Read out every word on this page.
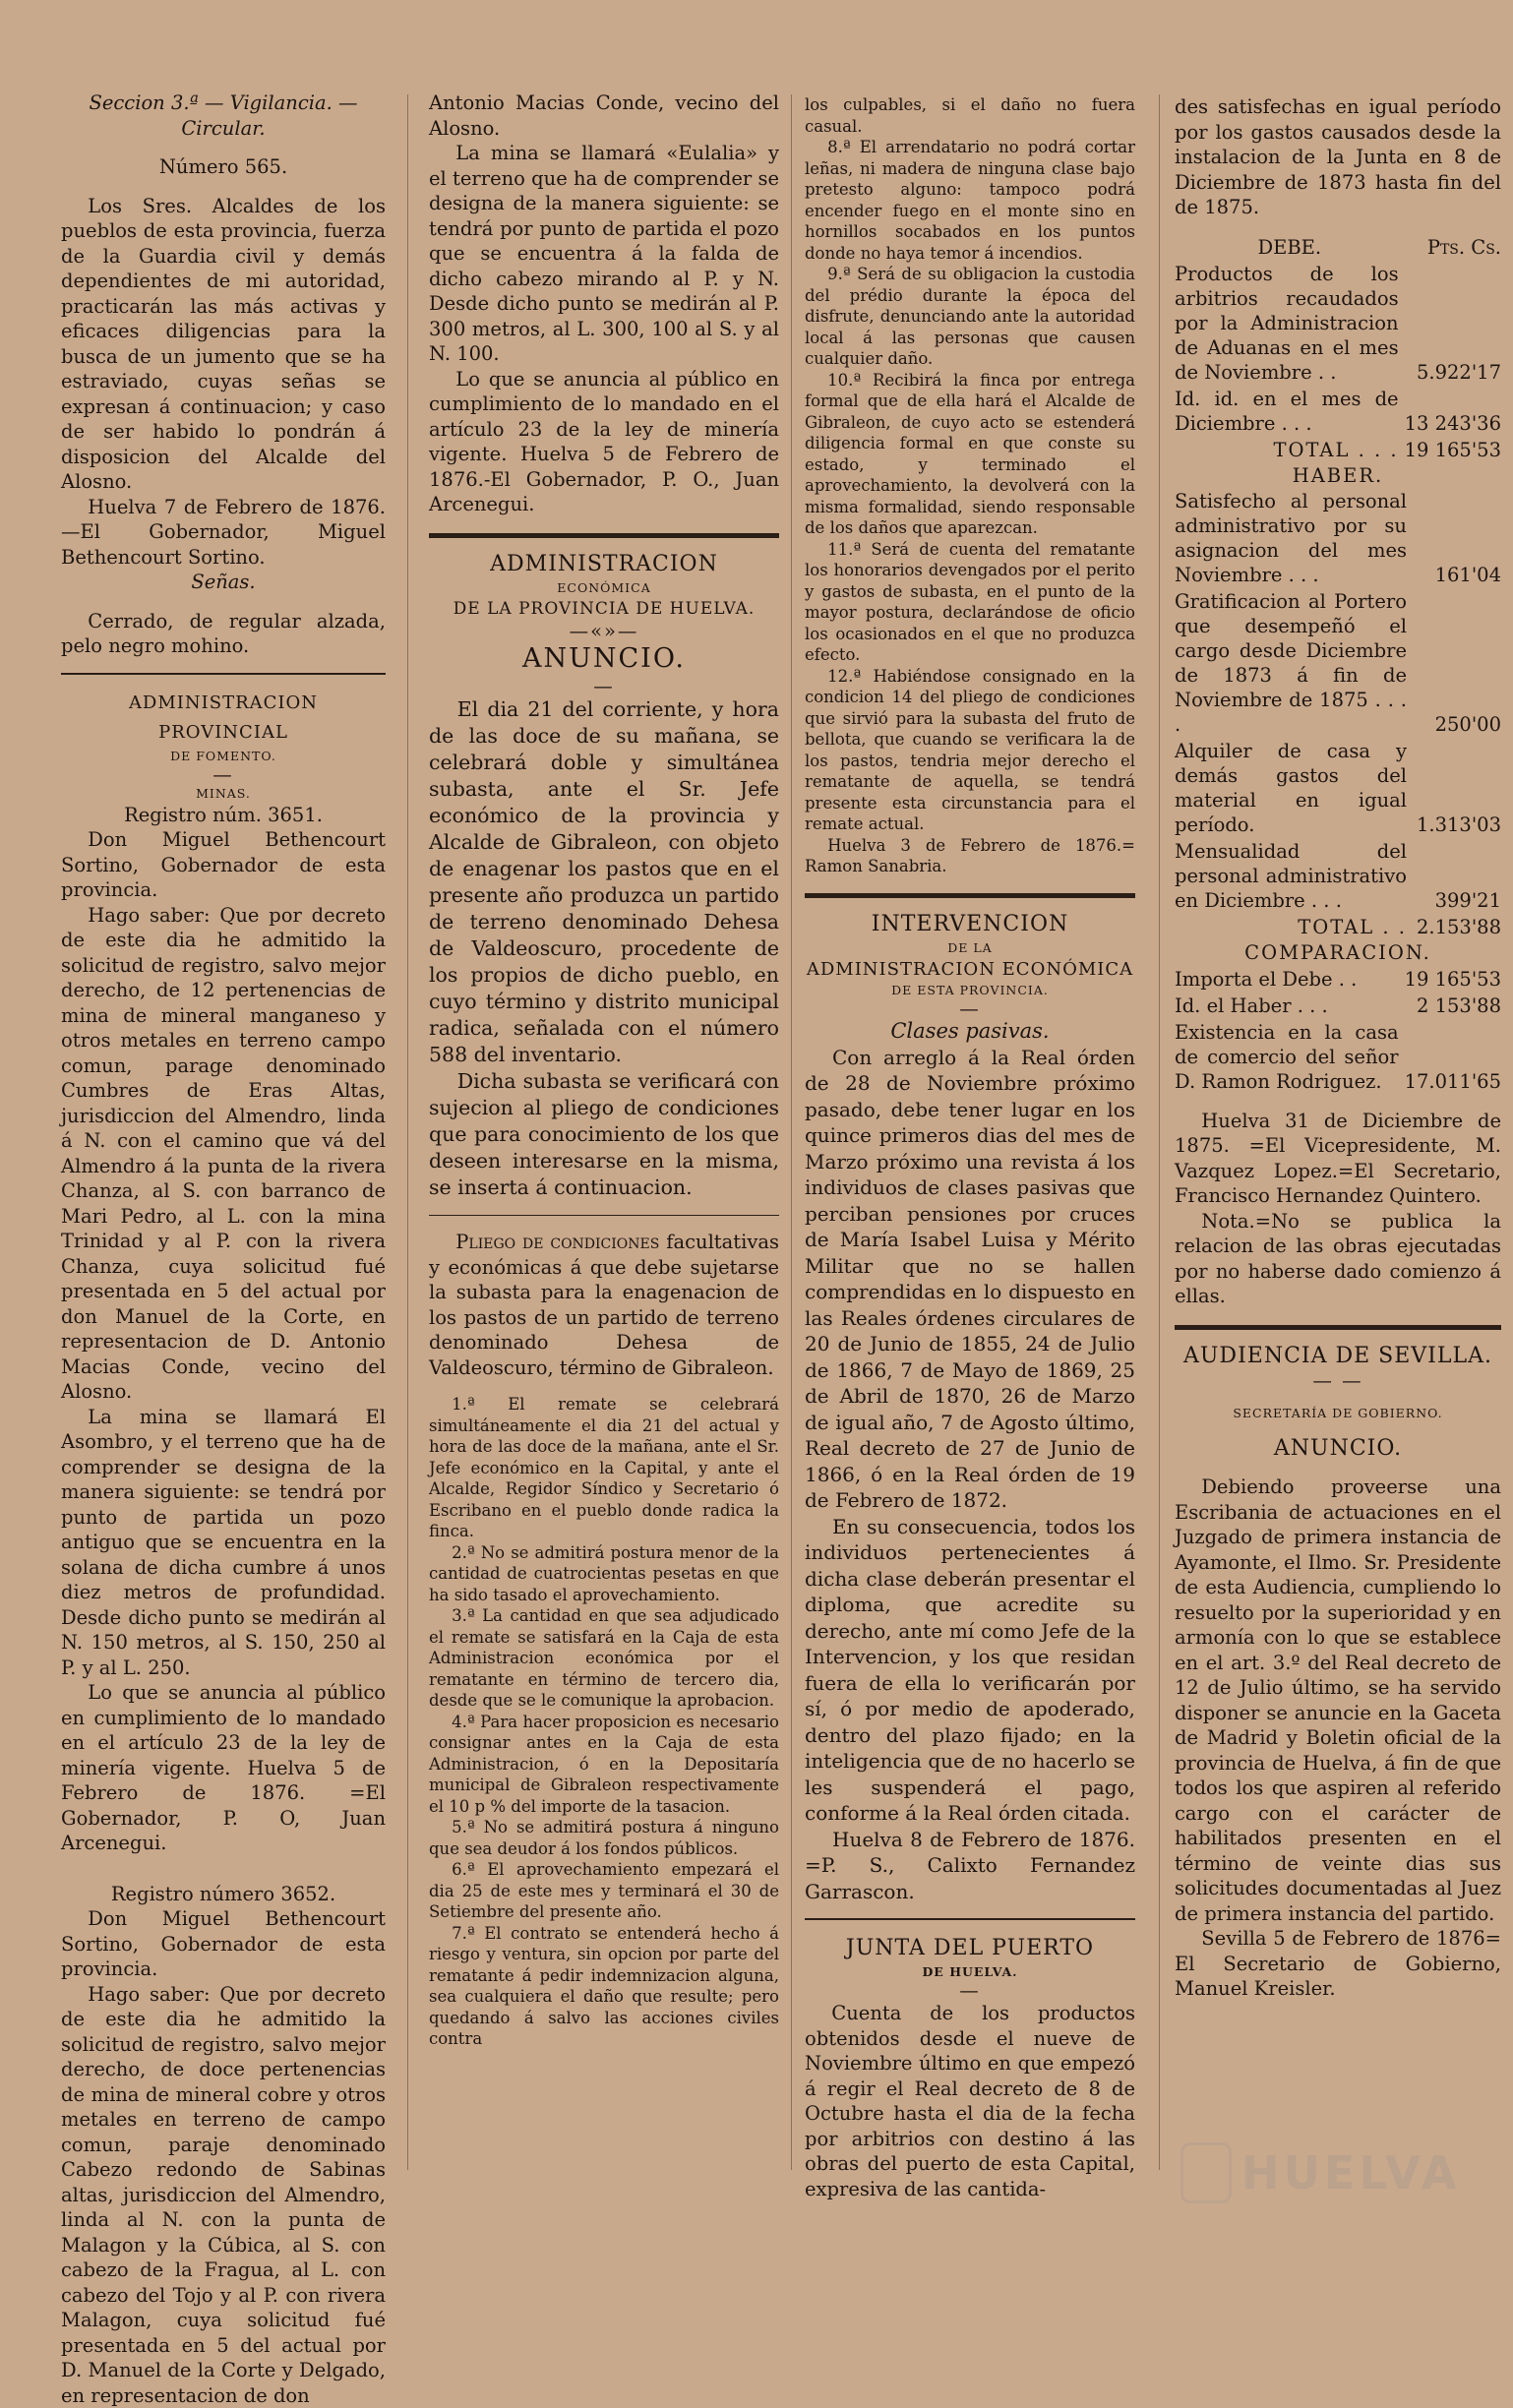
Seccion 3.ª — Vigilancia. — Circular.

Número 565.

Los Sres. Alcaldes de los pueblos de esta provincia, fuerza de la Guardia civil y demás dependientes de mi autoridad, practicarán las más activas y eficaces diligencias para la busca de un jumento que se ha estraviado, cuyas señas se expresan á continuacion; y caso de ser habido lo pondrán á disposicion del Alcalde del Alosno.

Huelva 7 de Febrero de 1876. —El Gobernador, Miguel Bethencourt Sortino.

Señas.

Cerrado, de regular alzada, pelo negro mohino.

ADMINISTRACION PROVINCIAL

DE FOMENTO.

—

MINAS.

Registro núm. 3651.

Don Miguel Bethencourt Sortino, Gobernador de esta provincia.

Hago saber: Que por decreto de este dia he admitido la solicitud de registro, salvo mejor derecho, de 12 pertenencias de mina de mineral manganeso y otros metales en terreno campo comun, parage denominado Cumbres de Eras Altas, jurisdiccion del Almendro, linda á N. con el camino que vá del Almendro á la punta de la rivera Chanza, al S. con barranco de Mari Pedro, al L. con la mina Trinidad y al P. con la rivera Chanza, cuya solicitud fué presentada en 5 del actual por don Manuel de la Corte, en representacion de D. Antonio Macias Conde, vecino del Alosno.

La mina se llamará El Asombro, y el terreno que ha de comprender se designa de la manera siguiente: se tendrá por punto de partida un pozo antiguo que se encuentra en la solana de dicha cumbre á unos diez metros de profundidad. Desde dicho punto se medirán al N. 150 metros, al S. 150, 250 al P. y al L. 250.

Lo que se anuncia al público en cumplimiento de lo mandado en el artículo 23 de la ley de minería vigente. Huelva 5 de Febrero de 1876. =El Gobernador, P. O, Juan Arcenegui.

Registro número 3652.

Don Miguel Bethencourt Sortino, Gobernador de esta provincia.

Hago saber: Que por decreto de este dia he admitido la solicitud de registro, salvo mejor derecho, de doce pertenencias de mina de mineral cobre y otros metales en terreno de campo comun, paraje denominado Cabezo redondo de Sabinas altas, jurisdiccion del Almendro, linda al N. con la punta de Malagon y la Cúbica, al S. con cabezo de la Fragua, al L. con cabezo del Tojo y al P. con rivera Malagon, cuya solicitud fué presentada en 5 del actual por D. Manuel de la Corte y Delgado, en representacion de don

Antonio Macias Conde, vecino del Alosno.

La mina se llamará «Eulalia» y el terreno que ha de comprender se designa de la manera siguiente: se tendrá por punto de partida el pozo que se encuentra á la falda de dicho cabezo mirando al P. y N. Desde dicho punto se medirán al P. 300 metros, al L. 300, 100 al S. y al N. 100.

Lo que se anuncia al público en cumplimiento de lo mandado en el artículo 23 de la ley de minería vigente. Huelva 5 de Febrero de 1876.-El Gobernador, P. O., Juan Arcenegui.

ADMINISTRACION

ECONÓMICA

DE LA PROVINCIA DE HUELVA.

—«»—

ANUNCIO.

—

El dia 21 del corriente, y hora de las doce de su mañana, se celebrará doble y simultánea subasta, ante el Sr. Jefe económico de la provincia y Alcalde de Gibraleon, con objeto de enagenar los pastos que en el presente año produzca un partido de terreno denominado Dehesa de Valdeoscuro, procedente de los propios de dicho pueblo, en cuyo término y distrito municipal radica, señalada con el número 588 del inventario.

Dicha subasta se verificará con sujecion al pliego de condiciones que para conocimiento de los que deseen interesarse en la misma, se inserta á continuacion.

Pliego de condiciones facultativas y económicas á que debe sujetarse la subasta para la enagenacion de los pastos de un partido de terreno denominado Dehesa de Valdeoscuro, término de Gibraleon.

1.ª El remate se celebrará simultáneamente el dia 21 del actual y hora de las doce de la mañana, ante el Sr. Jefe económico en la Capital, y ante el Alcalde, Regidor Síndico y Secretario ó Escribano en el pueblo donde radica la finca.

2.ª No se admitirá postura menor de la cantidad de cuatrocientas pesetas en que ha sido tasado el aprovechamiento.

3.ª La cantidad en que sea adjudicado el remate se satisfará en la Caja de esta Administracion económica por el rematante en término de tercero dia, desde que se le comunique la aprobacion.

4.ª Para hacer proposicion es necesario consignar antes en la Caja de esta Administracion, ó en la Depositaría municipal de Gibraleon respectivamente el 10 p % del importe de la tasacion.

5.ª No se admitirá postura á ninguno que sea deudor á los fondos públicos.

6.ª El aprovechamiento empezará el dia 25 de este mes y terminará el 30 de Setiembre del presente año.

7.ª El contrato se entenderá hecho á riesgo y ventura, sin opcion por parte del rematante á pedir indemnizacion alguna, sea cualquiera el daño que resulte; pero quedando á salvo las acciones civiles contra

los culpables, si el daño no fuera casual.

8.ª El arrendatario no podrá cortar leñas, ni madera de ninguna clase bajo pretesto alguno: tampoco podrá encender fuego en el monte sino en hornillos socabados en los puntos donde no haya temor á incendios.

9.ª Será de su obligacion la custodia del prédio durante la época del disfrute, denunciando ante la autoridad local á las personas que causen cualquier daño.

10.ª Recibirá la finca por entrega formal que de ella hará el Alcalde de Gibraleon, de cuyo acto se estenderá diligencia formal en que conste su estado, y terminado el aprovechamiento, la devolverá con la misma formalidad, siendo responsable de los daños que aparezcan.

11.ª Será de cuenta del rematante los honorarios devengados por el perito y gastos de subasta, en el punto de la mayor postura, declarándose de oficio los ocasionados en el que no produzca efecto.

12.ª Habiéndose consignado en la condicion 14 del pliego de condiciones que sirvió para la subasta del fruto de bellota, que cuando se verificara la de los pastos, tendria mejor derecho el rematante de aquella, se tendrá presente esta circunstancia para el remate actual.

Huelva 3 de Febrero de 1876.= Ramon Sanabria.

INTERVENCION

DE LA

ADMINISTRACION ECONÓMICA

DE ESTA PROVINCIA.

—

Clases pasivas.

Con arreglo á la Real órden de 28 de Noviembre próximo pasado, debe tener lugar en los quince primeros dias del mes de Marzo próximo una revista á los individuos de clases pasivas que perciban pensiones por cruces de María Isabel Luisa y Mérito Militar que no se hallen comprendidas en lo dispuesto en las Reales órdenes circulares de 20 de Junio de 1855, 24 de Julio de 1866, 7 de Mayo de 1869, 25 de Abril de 1870, 26 de Marzo de igual año, 7 de Agosto último, Real decreto de 27 de Junio de 1866, ó en la Real órden de 19 de Febrero de 1872.

En su consecuencia, todos los individuos pertenecientes á dicha clase deberán presentar el diploma, que acredite su derecho, ante mí como Jefe de la Intervencion, y los que residan fuera de ella lo verificarán por sí, ó por medio de apoderado, dentro del plazo fijado; en la inteligencia que de no hacerlo se les suspenderá el pago, conforme á la Real órden citada.

Huelva 8 de Febrero de 1876. =P. S., Calixto Fernandez Garrascon.

JUNTA DEL PUERTO

DE HUELVA.

—

Cuenta de los productos obtenidos desde el nueve de Noviembre último en que empezó á regir el Real decreto de 8 de Octubre hasta el dia de la fecha por arbitrios con destino á las obras del puerto de esta Capital, expresiva de las cantida-

des satisfechas en igual período por los gastos causados desde la instalacion de la Junta en 8 de Diciembre de 1873 hasta fin del de 1875.

DEBE.	Pts. Cs.
Productos de los arbitrios recaudados por la Administracion de Aduanas en el mes de Noviembre . .	5.922'17
Id. id. en el mes de Diciembre . . .	13 243'36
TOTAL . . .	19 165'53

HABER.

Satisfecho al personal administrativo por su asignacion del mes Noviembre . . .	161'04
Gratificacion al Portero que desempeñó el cargo desde Diciembre de 1873 á fin de Noviembre de 1875 . . . .	250'00
Alquiler de casa y demás gastos del material en igual período.	1.313'03
Mensualidad del personal administrativo en Diciembre . . .	399'21
TOTAL . .	2.153'88

COMPARACION.

Importa el Debe . .	19 165'53
Id. el Haber . . .	2 153'88
Existencia en la casa de comercio del señor D. Ramon Rodriguez.	17.011'65

Huelva 31 de Diciembre de 1875. =El Vicepresidente, M. Vazquez Lopez.=El Secretario, Francisco Hernandez Quintero.

Nota.=No se publica la relacion de las obras ejecutadas por no haberse dado comienzo á ellas.

AUDIENCIA DE SEVILLA.

— —

SECRETARÍA DE GOBIERNO.

ANUNCIO.

Debiendo proveerse una Escribania de actuaciones en el Juzgado de primera instancia de Ayamonte, el Ilmo. Sr. Presidente de esta Audiencia, cumpliendo lo resuelto por la superioridad y en armonía con lo que se establece en el art. 3.º del Real decreto de 12 de Julio último, se ha servido disponer se anuncie en la Gaceta de Madrid y Boletin oficial de la provincia de Huelva, á fin de que todos los que aspiren al referido cargo con el carácter de habilitados presenten en el término de veinte dias sus solicitudes documentadas al Juez de primera instancia del partido.

Sevilla 5 de Febrero de 1876= El Secretario de Gobierno, Manuel Kreisler.

HUELVA
